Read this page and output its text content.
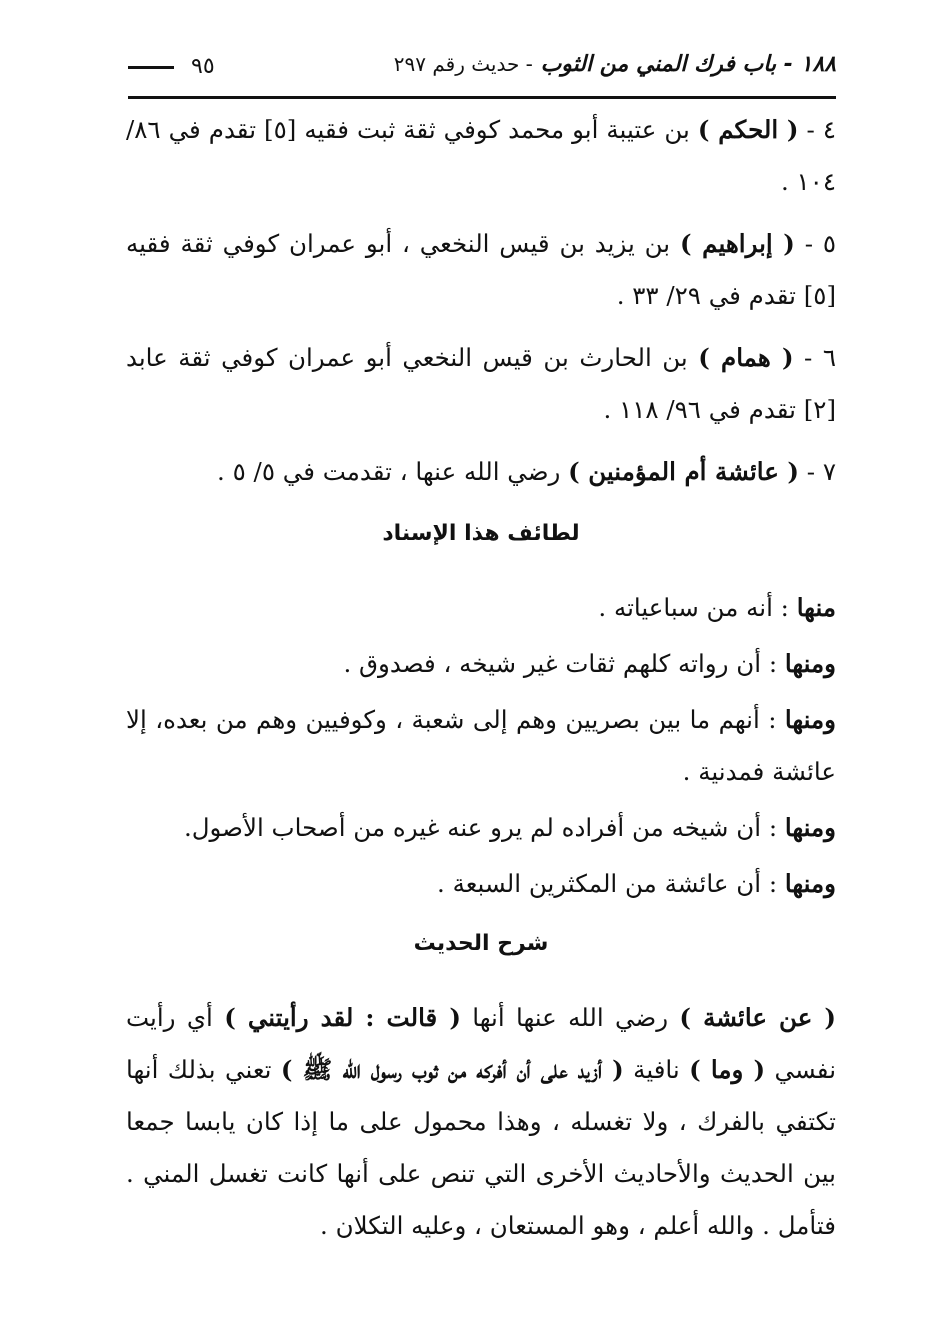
١٨٨ - باب فرك المني من الثوب - حديث رقم ٢٩٧
٩٥

٤ - ( الحكم ) بن عتيبة أبو محمد كوفي ثقة ثبت فقيه [٥] تقدم في ٨٦/ ١٠٤ .

٥ - ( إبراهيم ) بن يزيد بن قيس النخعي ، أبو عمران كوفي ثقة فقيه [٥] تقدم في ٢٩/ ٣٣ .

٦ - ( همام ) بن الحارث بن قيس النخعي أبو عمران كوفي ثقة عابد [٢] تقدم في ٩٦/ ١١٨ .

٧ - ( عائشة أم المؤمنين ) رضي الله عنها ، تقدمت في ٥/ ٥ .

لطائف هذا الإسناد

منها : أنه من سباعياته .

ومنها : أن رواته كلهم ثقات غير شيخه ، فصدوق .

ومنها : أنهم ما بين بصريين وهم إلى شعبة ، وكوفيين وهم من بعده، إلا عائشة فمدنية .

ومنها : أن شيخه من أفراده لم يرو عنه غيره من أصحاب الأصول.

ومنها : أن عائشة من المكثرين السبعة .

شرح الحديث

( عن عائشة ) رضي الله عنها أنها ( قالت : لقد رأيتني ) أي رأيت نفسي ( وما ) نافية ( أزيد على أن أفركه من ثوب رسول الله ﷺ ) تعني بذلك أنها تكتفي بالفرك ، ولا تغسله ، وهذا محمول على ما إذا كان يابسا جمعا بين الحديث والأحاديث الأخرى التي تنص على أنها كانت تغسل المني . فتأمل . والله أعلم ، وهو المستعان ، وعليه التكلان .
